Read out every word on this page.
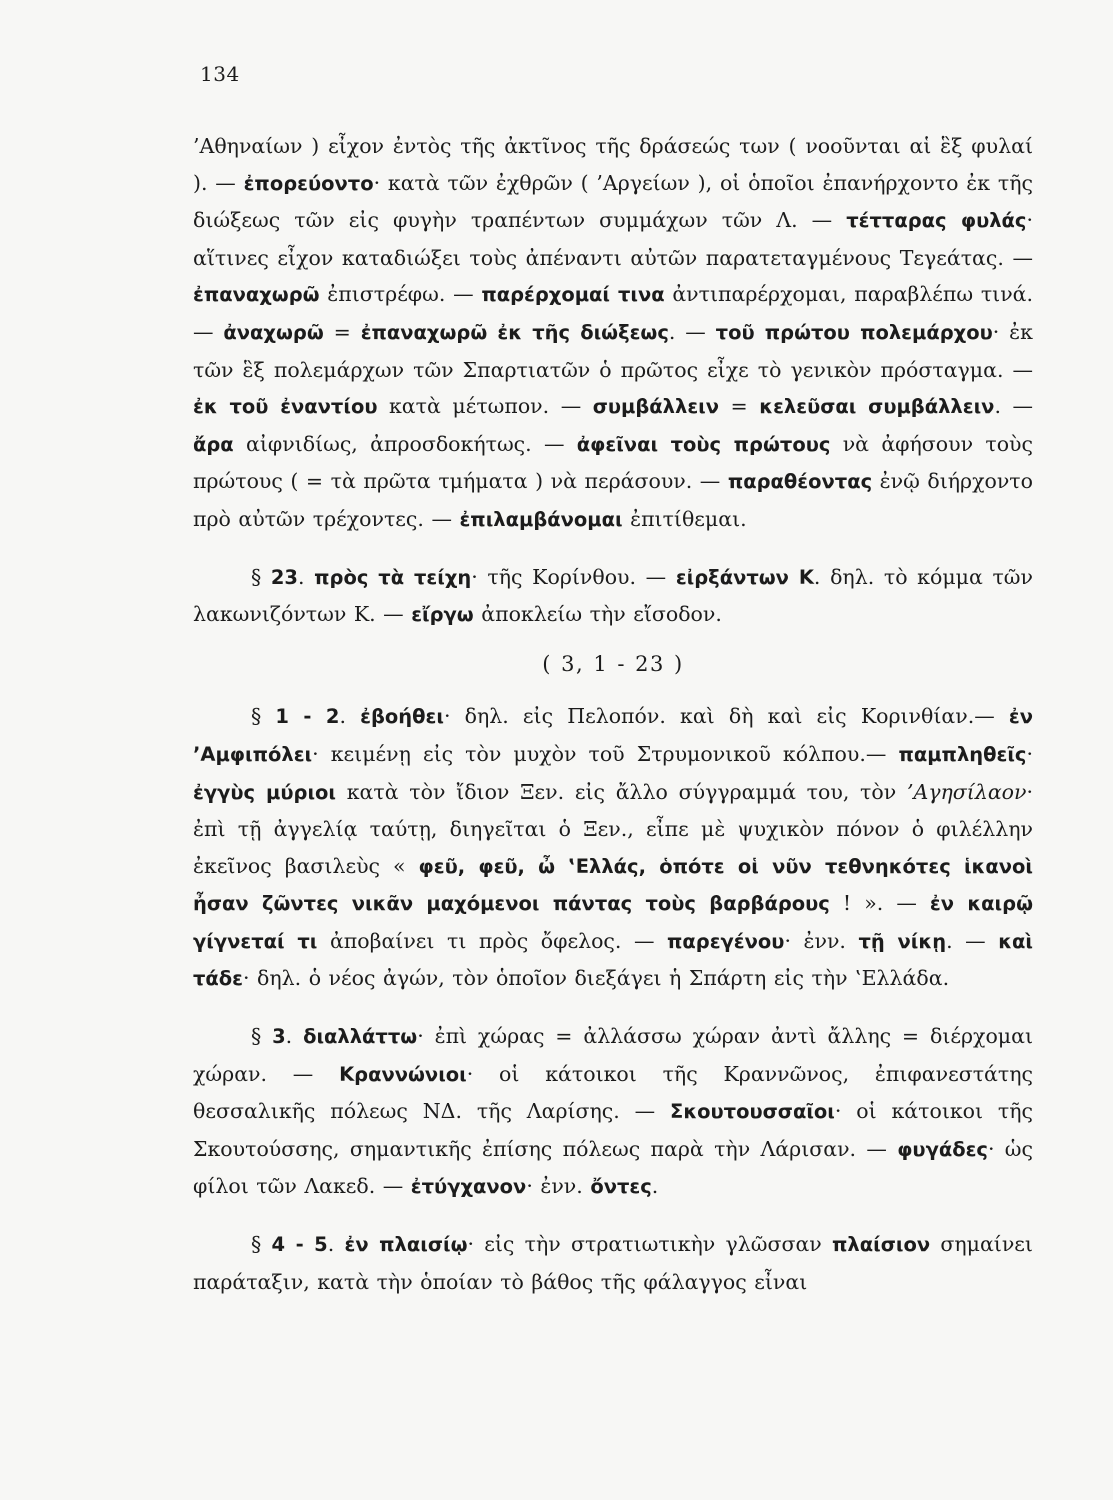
134

’Αθηναίων ) εἶχον ἐντὸς τῆς ἀκτῖνος τῆς δράσεώς των ( νοοῦνται αἱ ἓξ φυλαί ). — ἐπορεύοντο· κατὰ τῶν ἐχθρῶν ( ’Αργείων ), οἱ ὁποῖοι ἐπανήρχοντο ἐκ τῆς διώξεως τῶν εἰς φυγὴν τραπέντων συμμάχων τῶν Λ. — τέτταρας φυλάς· αἵτινες εἶχον καταδιώξει τοὺς ἀπέναντι αὐτῶν παρατεταγμένους Τεγεάτας. — ἐπαναχωρῶ ἐπιστρέφω. — παρέρχομαί τινα ἀντιπαρέρχομαι, παραβλέπω τινά. — ἀναχωρῶ = ἐπαναχωρῶ ἐκ τῆς διώξεως. — τοῦ πρώτου πολεμάρχου· ἐκ τῶν ἓξ πολεμάρχων τῶν Σπαρτιατῶν ὁ πρῶτος εἶχε τὸ γενικὸν πρόσταγμα. — ἐκ τοῦ ἐναντίου κατὰ μέτωπον. — συμβάλλειν = κελεῦσαι συμβάλλειν. — ἄρα αἰφνιδίως, ἀπροσδοκήτως. — ἀφεῖναι τοὺς πρώτους νὰ ἀφήσουν τοὺς πρώτους ( = τὰ πρῶτα τμήματα ) νὰ περάσουν. — παραθέοντας ἐνῷ διήρχοντο πρὸ αὐτῶν τρέχοντες. — ἐπιλαμβάνομαι ἐπιτίθεμαι.

§ 23. πρὸς τὰ τείχη· τῆς Κορίνθου. — εἰρξάντων Κ. δηλ. τὸ κόμμα τῶν λακωνιζόντων Κ. — εἴργω ἀποκλείω τὴν εἴσοδον.

( 3, 1 - 23 )

§ 1 - 2. ἐβοήθει· δηλ. εἰς Πελοπόν. καὶ δὴ καὶ εἰς Κορινθίαν.— ἐν ’Αμφιπόλει· κειμένῃ εἰς τὸν μυχὸν τοῦ Στρυμονικοῦ κόλπου.— παμπληθεῖς· ἐγγὺς μύριοι κατὰ τὸν ἴδιον Ξεν. εἰς ἄλλο σύγγραμμά του, τὸν ’Αγησίλαον· ἐπὶ τῇ ἀγγελίᾳ ταύτῃ, διηγεῖται ὁ Ξεν., εἶπε μὲ ψυχικὸν πόνον ὁ φιλέλλην ἐκεῖνος βασιλεὺς « φεῦ, φεῦ, ὦ ‛Ελλάς, ὁπότε οἱ νῦν τεθνηκότες ἱκανοὶ ἦσαν ζῶντες νικᾶν μαχόμενοι πάντας τοὺς βαρβάρους ! ». — ἐν καιρῷ γίγνεταί τι ἀποβαίνει τι πρὸς ὄφελος. — παρεγένου· ἐνν. τῇ νίκῃ. — καὶ τάδε· δηλ. ὁ νέος ἀγών, τὸν ὁποῖον διεξάγει ἡ Σπάρτη εἰς τὴν ‛Ελλάδα.

§ 3. διαλλάττω· ἐπὶ χώρας = ἀλλάσσω χώραν ἀντὶ ἄλλης = διέρχομαι χώραν. — Κραννώνιοι· οἱ κάτοικοι τῆς Κραννῶνος, ἐπιφανεστάτης θεσσαλικῆς πόλεως ΝΔ. τῆς Λαρίσης. — Σκουτουσσαῖοι· οἱ κάτοικοι τῆς Σκουτούσσης, σημαντικῆς ἐπίσης πόλεως παρὰ τὴν Λάρισαν. — φυγάδες· ὡς φίλοι τῶν Λακεδ. — ἐτύγχανον· ἐνν. ὄντες.

§ 4 - 5. ἐν πλαισίῳ· εἰς τὴν στρατιωτικὴν γλῶσσαν πλαίσιον σημαίνει παράταξιν, κατὰ τὴν ὁποίαν τὸ βάθος τῆς φάλαγγος εἶναι
